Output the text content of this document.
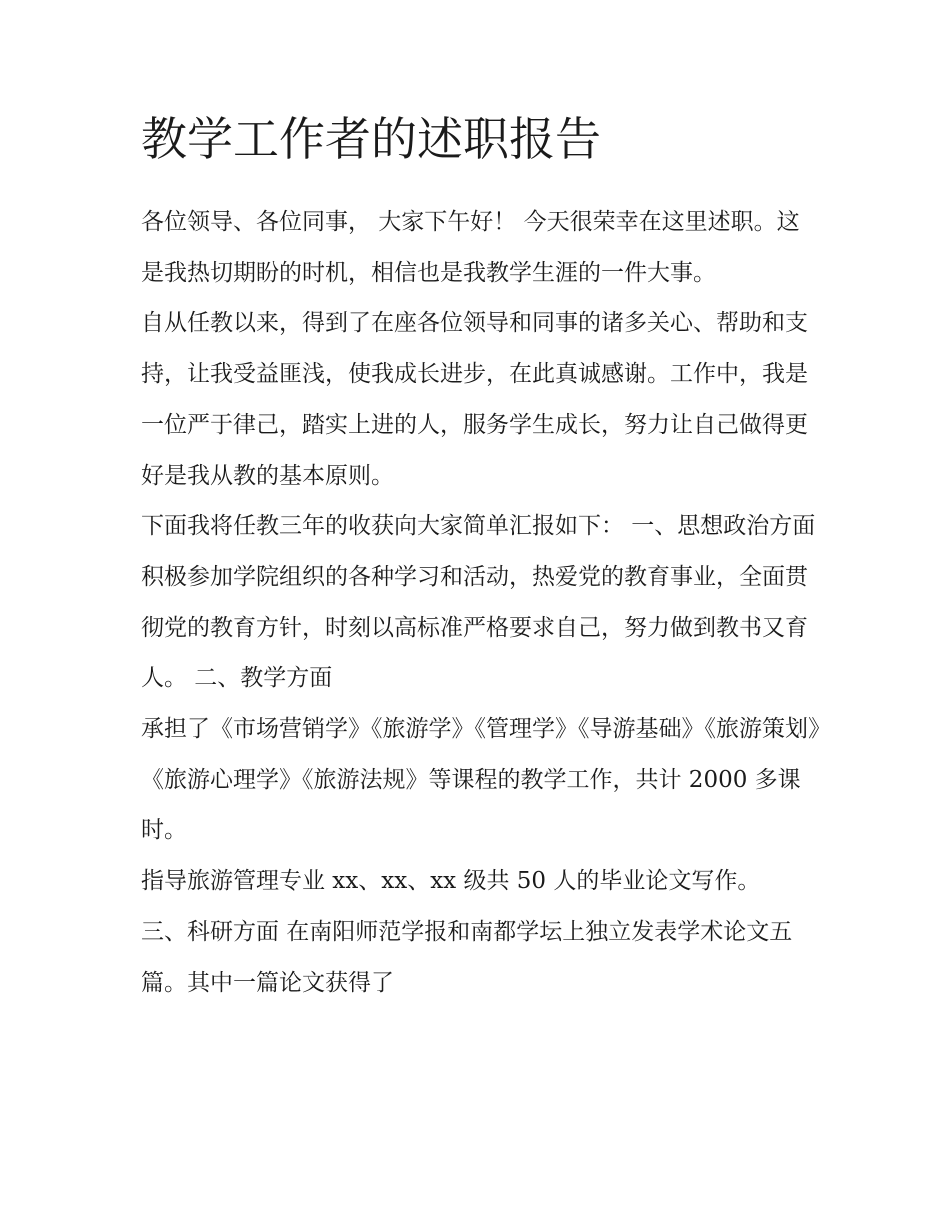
教学工作者的述职报告

各位领导、各位同事， 大家下午好！ 今天很荣幸在这里述职。这是我热切期盼的时机，相信也是我教学生涯的一件大事。

自从任教以来，得到了在座各位领导和同事的诸多关心、帮助和支持，让我受益匪浅，使我成长进步，在此真诚感谢。工作中，我是一位严于律己，踏实上进的人，服务学生成长，努力让自己做得更好是我从教的基本原则。

下面我将任教三年的收获向大家简单汇报如下： 一、思想政治方面

积极参加学院组织的各种学习和活动，热爱党的教育事业，全面贯彻党的教育方针，时刻以高标准严格要求自己，努力做到教书又育人。 二、教学方面

承担了《市场营销学》《旅游学》《管理学》《导游基础》《旅游策划》《旅游心理学》《旅游法规》等课程的教学工作，共计 2000 多课时。

指导旅游管理专业 xx、xx、xx 级共 50 人的毕业论文写作。

三、科研方面 在南阳师范学报和南都学坛上独立发表学术论文五篇。其中一篇论文获得了
